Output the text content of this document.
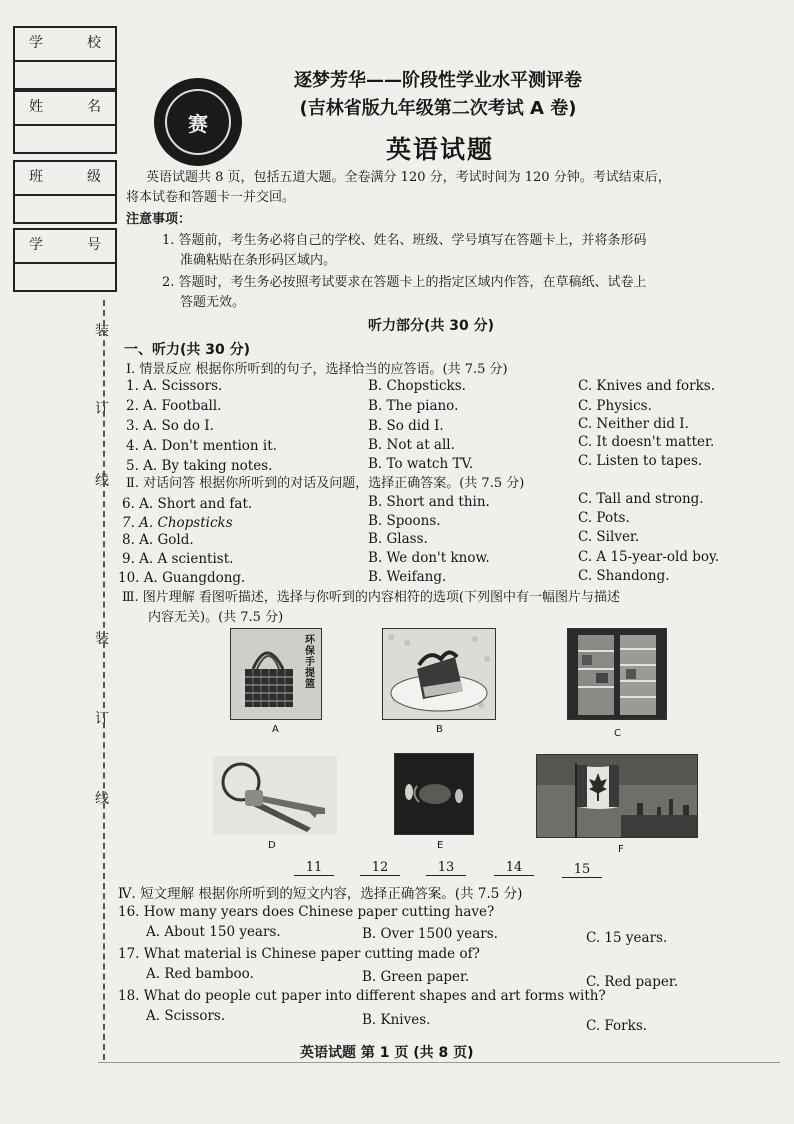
学	校
姓	名
班	级
学	号
装
订
线
装
订
线
赛
逐梦芳华——阶段性学业水平测评卷
(吉林省版九年级第二次考试 A 卷)
英语试题
英语试题共 8 页，包括五道大题。全卷满分 120 分，考试时间为 120 分钟。考试结束后，
将本试卷和答题卡一并交回。
注意事项：
1. 答题前，考生务必将自己的学校、姓名、班级、学号填写在答题卡上，并将条形码
准确粘贴在条形码区域内。
2. 答题时，考生务必按照考试要求在答题卡上的指定区域内作答，在草稿纸、试卷上
答题无效。
听力部分(共 30 分)
一、听力(共 30 分)
Ⅰ. 情景反应 根据你所听到的句子，选择恰当的应答语。(共 7.5 分)
1. A. Scissors.	B. Chopsticks.	C. Knives and forks.
2. A. Football.	B. The piano.	C. Physics.
3. A. So do I.	B. So did I.	C. Neither did I.
4. A. Don't mention it.	B. Not at all.	C. It doesn't matter.
5. A. By taking notes.	B. To watch TV.	C. Listen to tapes.
Ⅱ. 对话问答 根据你所听到的对话及问题，选择正确答案。(共 7.5 分)
6. A. Short and fat.	B. Short and thin.	C. Tall and strong.
7. A. Chopsticks	B. Spoons.	C. Pots.
8. A. Gold.	B. Glass.	C. Silver.
9. A. A scientist.	B. We don't know.	C. A 15-year-old boy.
10. A. Guangdong.	B. Weifang.	C. Shandong.
Ⅲ. 图片理解 看图听描述，选择与你听到的内容相符的选项(下列图中有一幅图片与描述
内容无关)。(共 7.5 分)
环保手提篮
A	B	C
D	E	F
11	12	13	14	15
Ⅳ. 短文理解 根据你所听到的短文内容，选择正确答案。(共 7.5 分)
16. How many years does Chinese paper cutting have?
A. About 150 years.	B. Over 1500 years.	C. 15 years.
17. What material is Chinese paper cutting made of?
A. Red bamboo.	B. Green paper.	C. Red paper.
18. What do people cut paper into different shapes and art forms with?
A. Scissors.	B. Knives.	C. Forks.
英语试题 第 1 页 (共 8 页)
